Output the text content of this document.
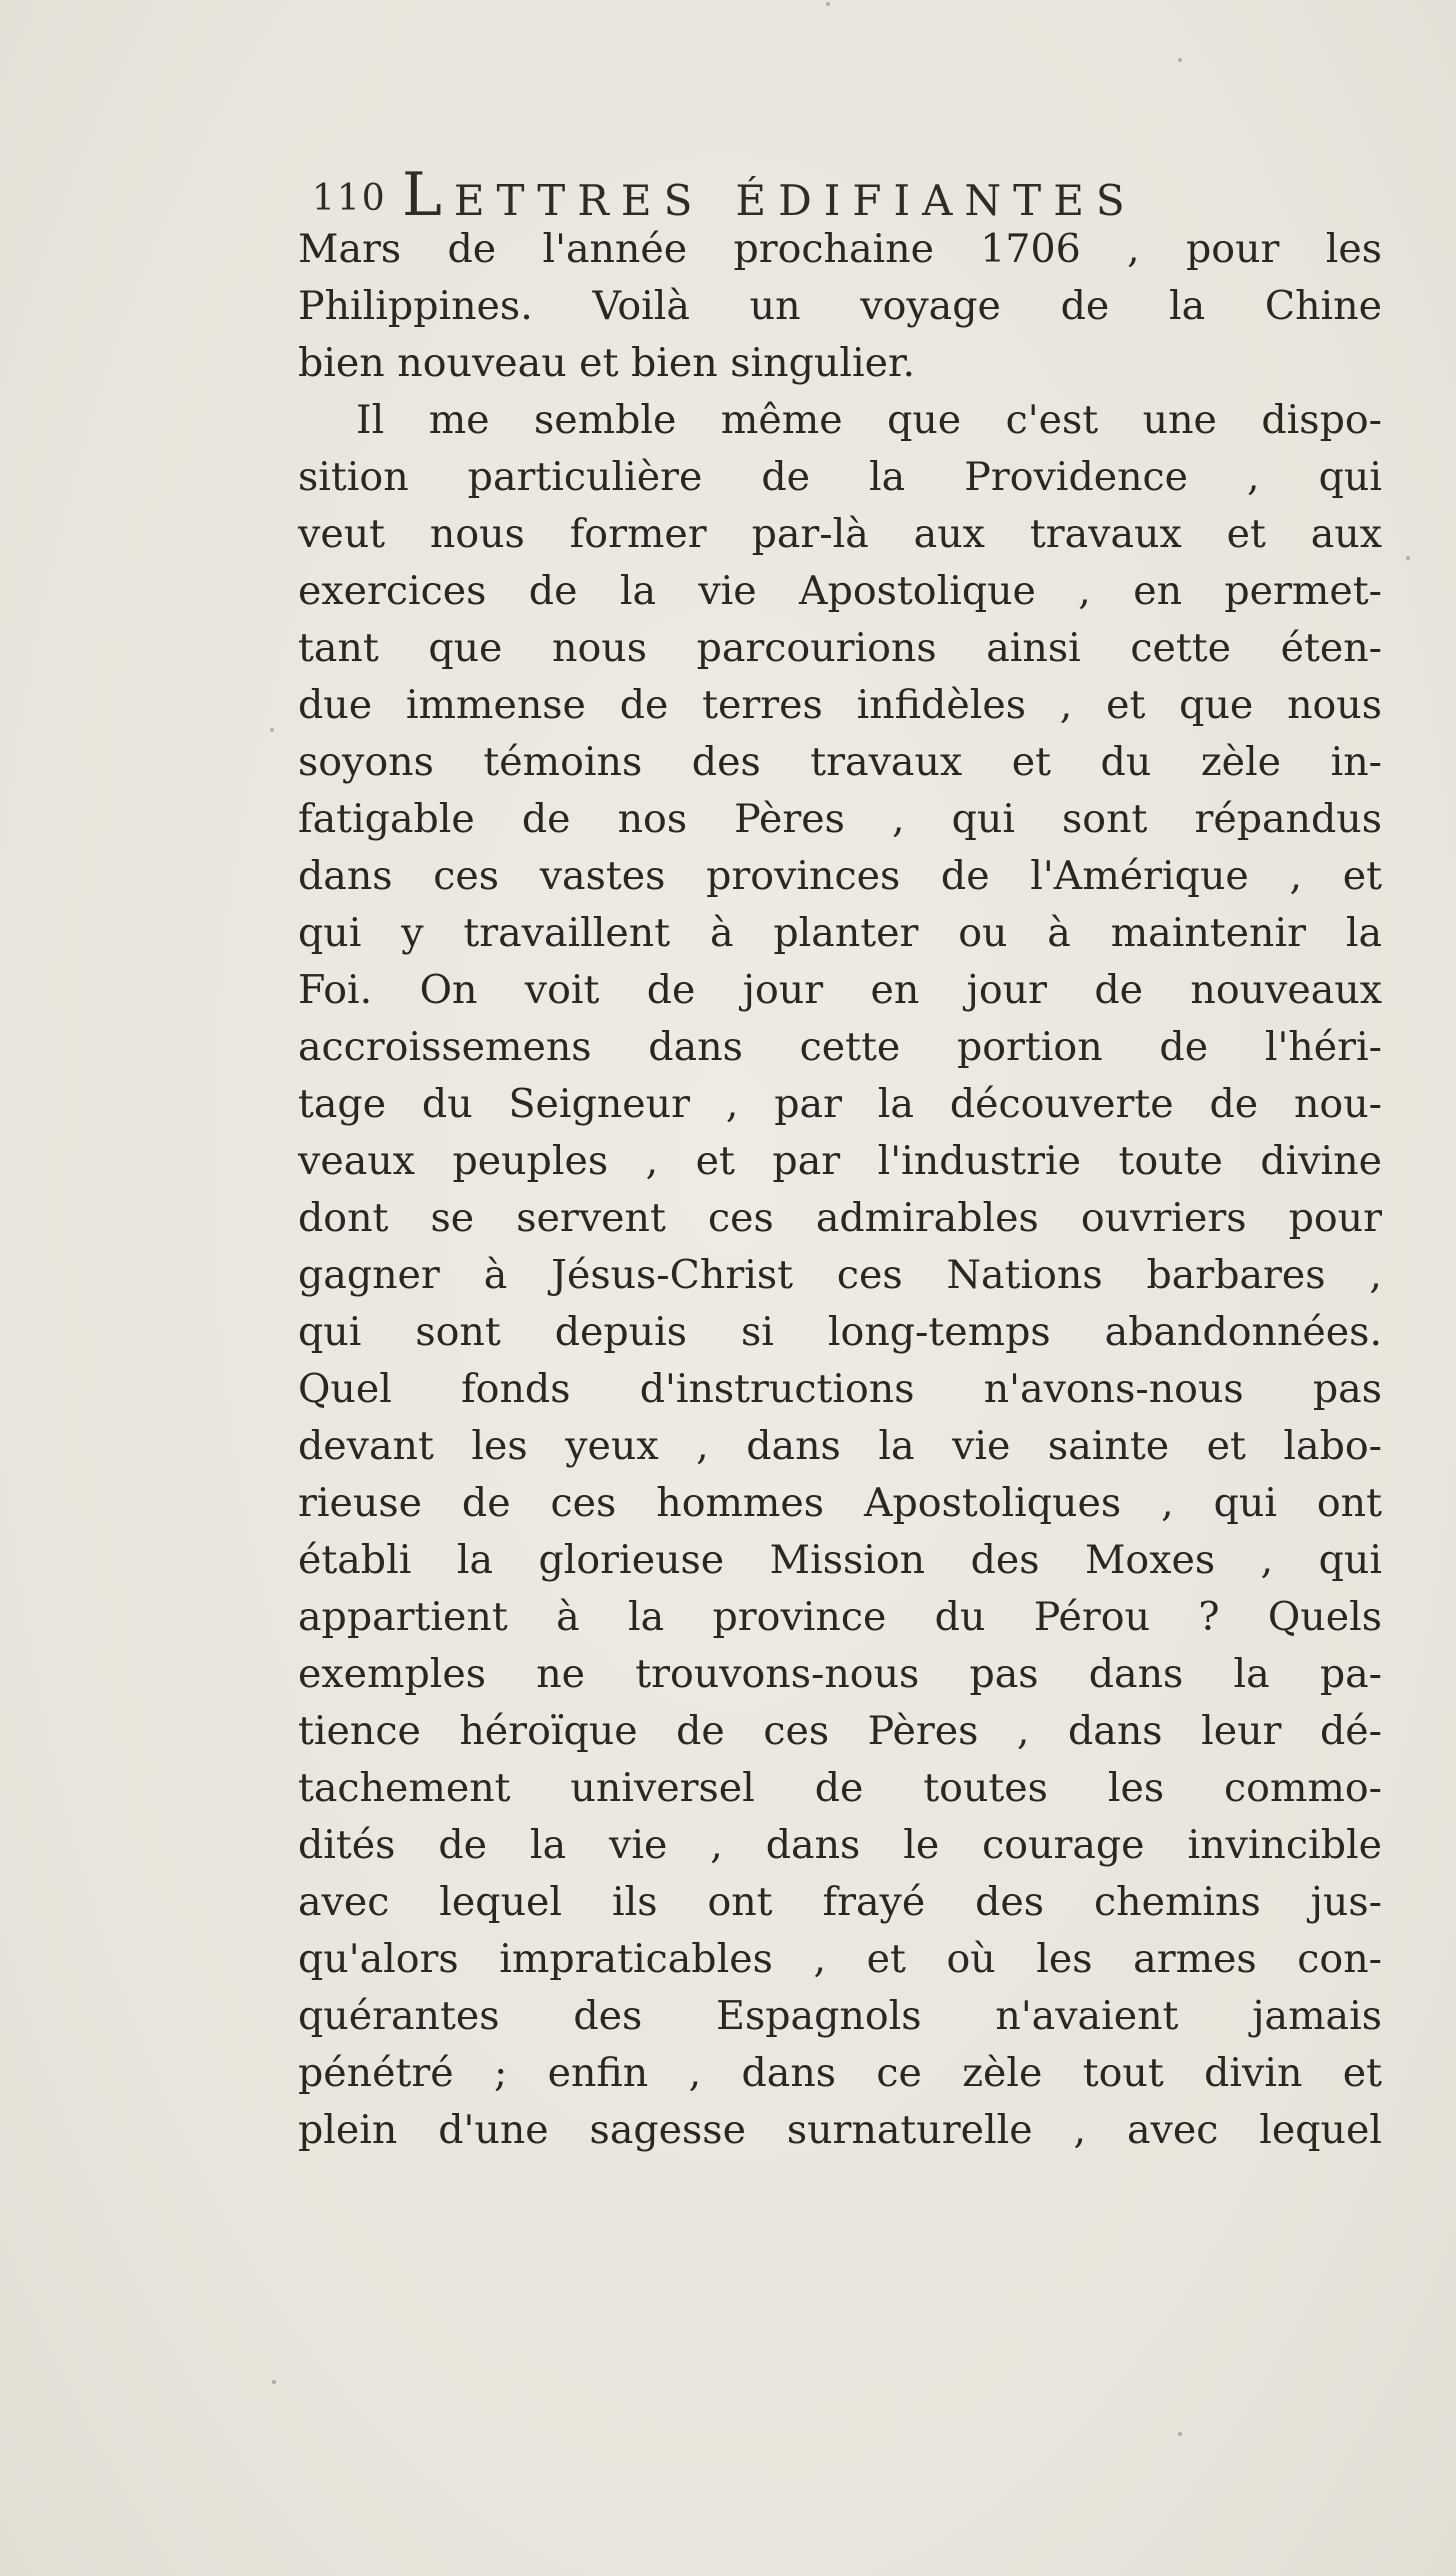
110 Lettres édifiantes
Mars de l'année prochaine 1706 , pour les
Philippines. Voilà un voyage de la Chine
bien nouveau et bien singulier.
Il me semble même que c'est une dispo-
sition particulière de la Providence , qui
veut nous former par-là aux travaux et aux
exercices de la vie Apostolique , en permet-
tant que nous parcourions ainsi cette éten-
due immense de terres infidèles , et que nous
soyons témoins des travaux et du zèle in-
fatigable de nos Pères , qui sont répandus
dans ces vastes provinces de l'Amérique , et
qui y travaillent à planter ou à maintenir la
Foi. On voit de jour en jour de nouveaux
accroissemens dans cette portion de l'héri-
tage du Seigneur , par la découverte de nou-
veaux peuples , et par l'industrie toute divine
dont se servent ces admirables ouvriers pour
gagner à Jésus-Christ ces Nations barbares ,
qui sont depuis si long-temps abandonnées.
Quel fonds d'instructions n'avons-nous pas
devant les yeux , dans la vie sainte et labo-
rieuse de ces hommes Apostoliques , qui ont
établi la glorieuse Mission des Moxes , qui
appartient à la province du Pérou ? Quels
exemples ne trouvons-nous pas dans la pa-
tience héroïque de ces Pères , dans leur dé-
tachement universel de toutes les commo-
dités de la vie , dans le courage invincible
avec lequel ils ont frayé des chemins jus-
qu'alors impraticables , et où les armes con-
quérantes des Espagnols n'avaient jamais
pénétré ; enfin , dans ce zèle tout divin et
plein d'une sagesse surnaturelle , avec lequel
